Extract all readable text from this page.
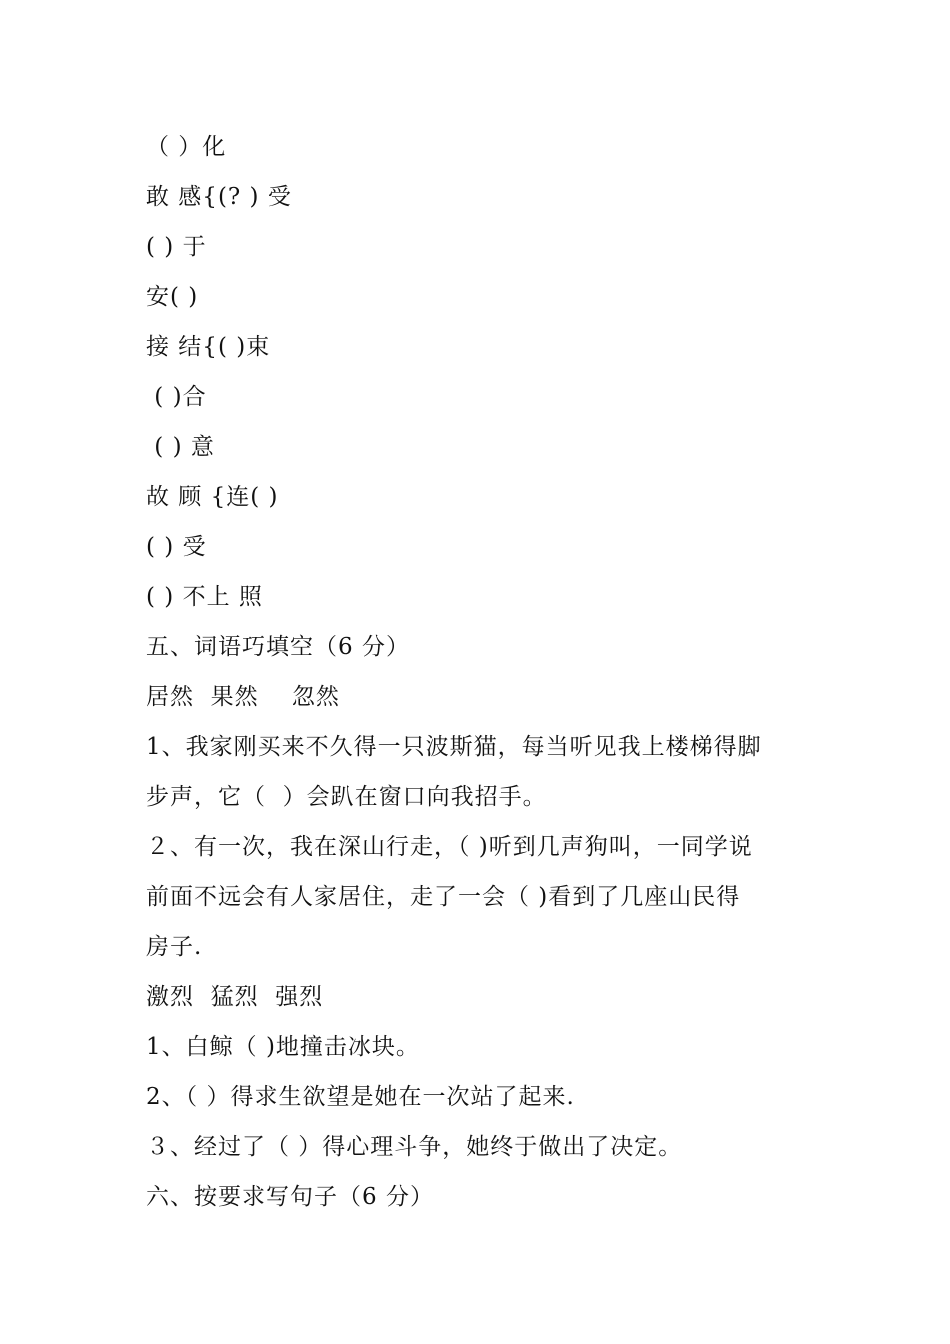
（ ）化
敢 感{(? ) 受
( ) 于
安( )
接 结{( )束
( )合
( ) 意
故 顾 {连( )
( ) 受
( ) 不上 照
五、词语巧填空（6 分）
居然  果然    忽然
1、我家刚买来不久得一只波斯猫，每当听见我上楼梯得脚
步声，它（  ）会趴在窗口向我招手。
２、有一次，我在深山行走，（ )听到几声狗叫，一同学说
前面不远会有人家居住，走了一会（ )看到了几座山民得
房子.
激烈  猛烈  强烈
1、白鲸（ )地撞击冰块。
2、（ ）得求生欲望是她在一次站了起来.
３、经过了（ ）得心理斗争，她终于做出了决定。
六、按要求写句子（6 分）
